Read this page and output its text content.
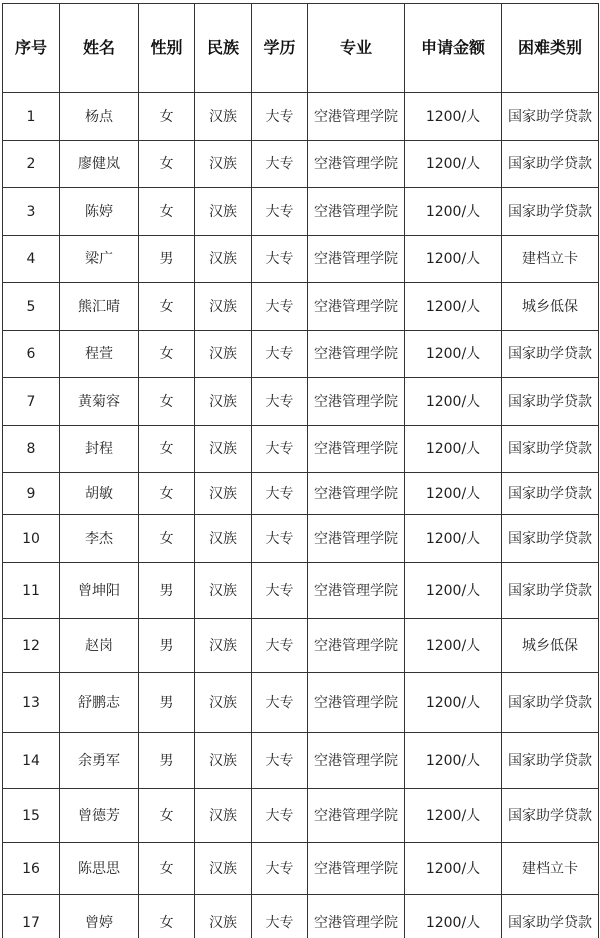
序号	姓名	性别	民族	学历	专业	申请金额	困难类别
1	杨点	女	汉族	大专	空港管理学院	1200/人	国家助学贷款
2	廖健岚	女	汉族	大专	空港管理学院	1200/人	国家助学贷款
3	陈婷	女	汉族	大专	空港管理学院	1200/人	国家助学贷款
4	梁广	男	汉族	大专	空港管理学院	1200/人	建档立卡
5	熊汇晴	女	汉族	大专	空港管理学院	1200/人	城乡低保
6	程萱	女	汉族	大专	空港管理学院	1200/人	国家助学贷款
7	黄菊容	女	汉族	大专	空港管理学院	1200/人	国家助学贷款
8	封程	女	汉族	大专	空港管理学院	1200/人	国家助学贷款
9	胡敏	女	汉族	大专	空港管理学院	1200/人	国家助学贷款
10	李杰	女	汉族	大专	空港管理学院	1200/人	国家助学贷款
11	曾坤阳	男	汉族	大专	空港管理学院	1200/人	国家助学贷款
12	赵岗	男	汉族	大专	空港管理学院	1200/人	城乡低保
13	舒鹏志	男	汉族	大专	空港管理学院	1200/人	国家助学贷款
14	余勇军	男	汉族	大专	空港管理学院	1200/人	国家助学贷款
15	曾德芳	女	汉族	大专	空港管理学院	1200/人	国家助学贷款
16	陈思思	女	汉族	大专	空港管理学院	1200/人	建档立卡
17	曾婷	女	汉族	大专	空港管理学院	1200/人	国家助学贷款
